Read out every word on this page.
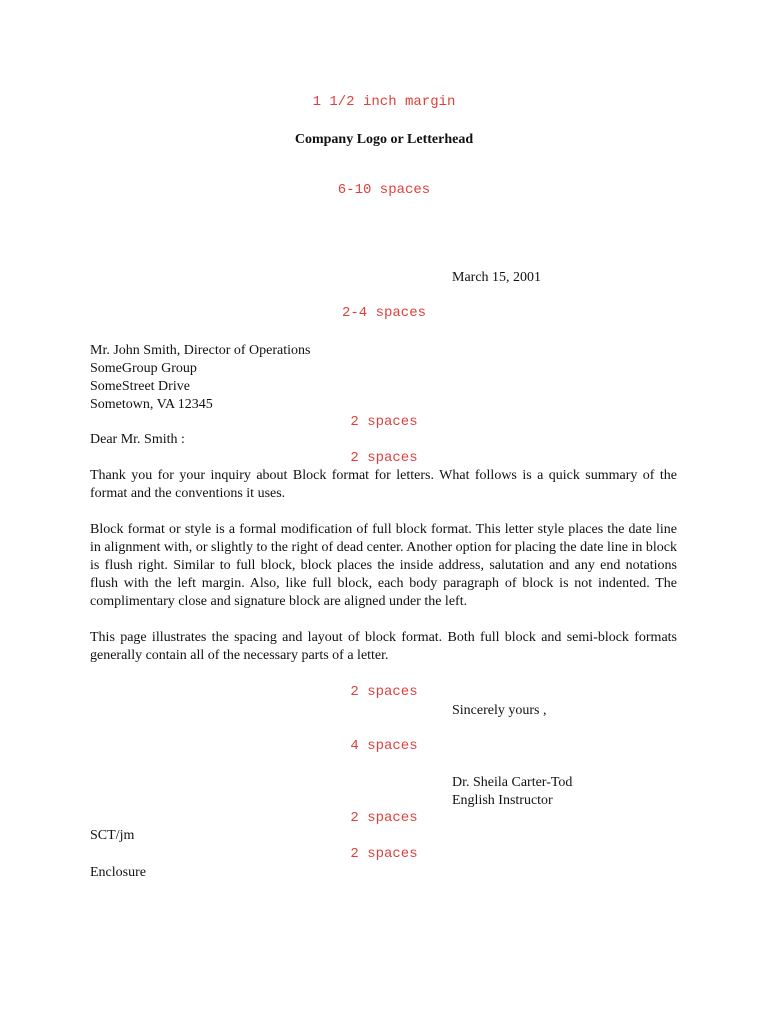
1 1/2 inch margin
Company Logo or Letterhead
6-10 spaces
March 15, 2001
2-4 spaces
Mr. John Smith, Director of Operations
SomeGroup Group
SomeStreet Drive
Sometown, VA 12345
2 spaces
Dear Mr. Smith :
2 spaces
Thank you for your inquiry about Block format for letters. What follows is a quick summary of the format and the conventions it uses.
Block format or style is a formal modification of full block format. This letter style places the date line in alignment with, or slightly to the right of dead center. Another option for placing the date line in block is flush right. Similar to full block, block places the inside address, salutation and any end notations flush with the left margin. Also, like full block, each body paragraph of block is not indented. The complimentary close and signature block are aligned under the left.
This page illustrates the spacing and layout of block format. Both full block and semi-block formats generally contain all of the necessary parts of a letter.
2 spaces
Sincerely yours ,
4 spaces
Dr. Sheila Carter-Tod
English Instructor
2 spaces
SCT/jm
2 spaces
Enclosure
